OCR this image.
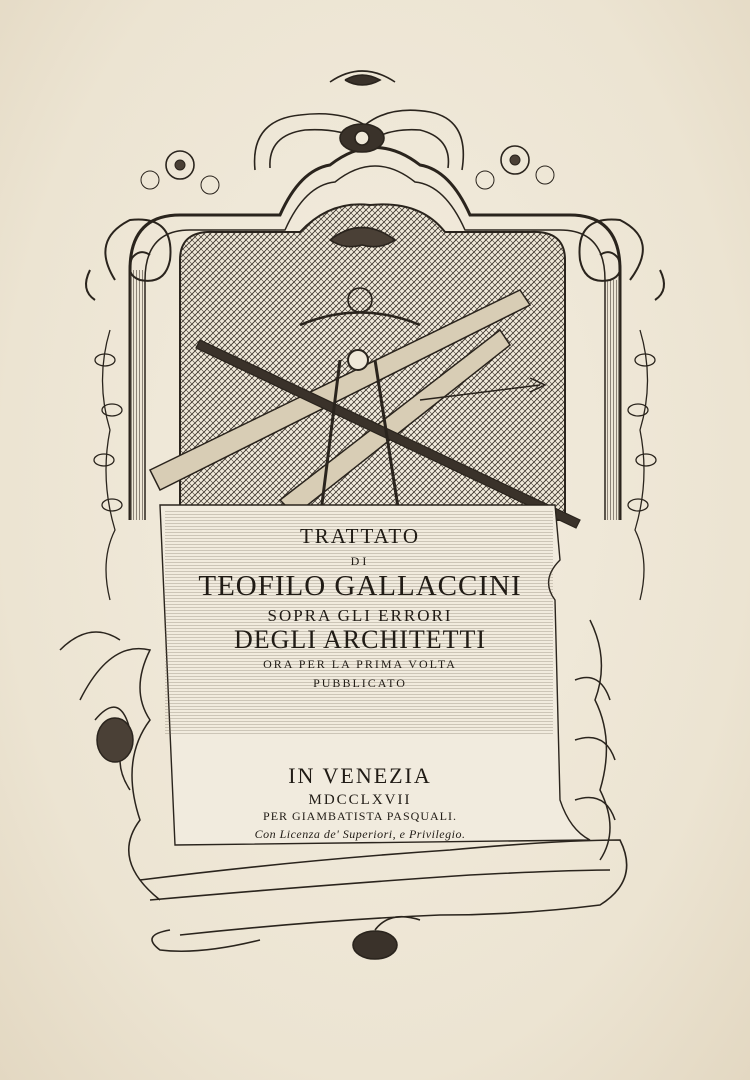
TRATTATO
DI
TEOFILO GALLACCINI
SOPRA GLI ERRORI
DEGLI ARCHITETTI
ORA PER LA PRIMA VOLTA
PUBBLICATO
IN VENEZIA
MDCCLXVII
PER GIAMBATISTA PASQUALI.
Con Licenza de' Superiori, e Privilegio.
